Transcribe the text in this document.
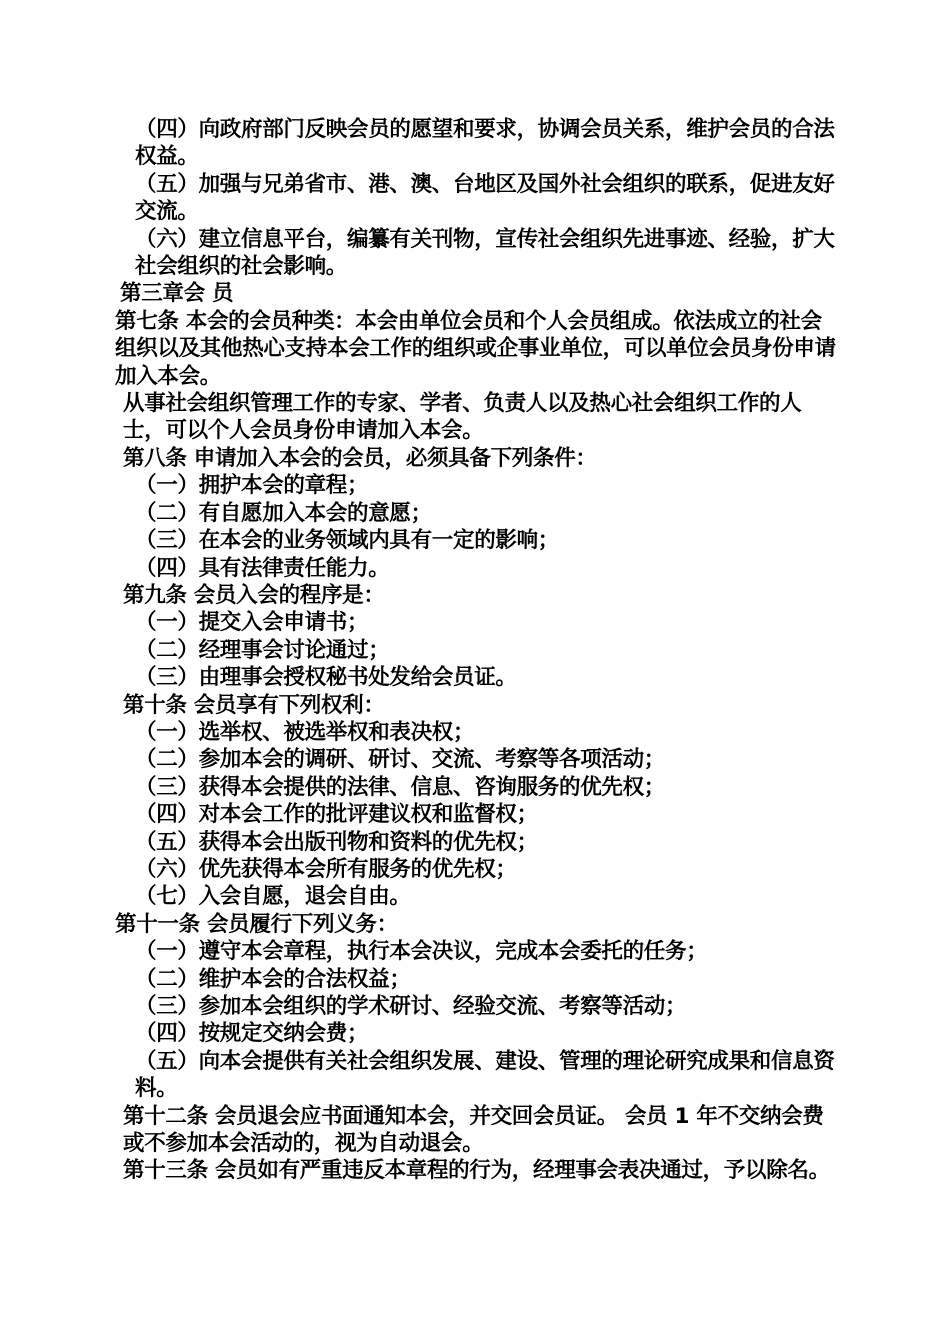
（四）向政府部门反映会员的愿望和要求，协调会员关系，维护会员的合法权益。

（五）加强与兄弟省市、港、澳、台地区及国外社会组织的联系，促进友好交流。

（六）建立信息平台，编纂有关刊物，宣传社会组织先进事迹、经验，扩大社会组织的社会影响。

第三章会 员

第七条 本会的会员种类：本会由单位会员和个人会员组成。依法成立的社会组织以及其他热心支持本会工作的组织或企事业单位，可以单位会员身份申请加入本会。

从事社会组织管理工作的专家、学者、负责人以及热心社会组织工作的人士，可以个人会员身份申请加入本会。

第八条 申请加入本会的会员，必须具备下列条件：

（一）拥护本会的章程；

（二）有自愿加入本会的意愿；

（三）在本会的业务领域内具有一定的影响；

（四）具有法律责任能力。

第九条 会员入会的程序是：

（一）提交入会申请书；

（二）经理事会讨论通过；

（三）由理事会授权秘书处发给会员证。

第十条 会员享有下列权利：

（一）选举权、被选举权和表决权；

（二）参加本会的调研、研讨、交流、考察等各项活动；

（三）获得本会提供的法律、信息、咨询服务的优先权；

（四）对本会工作的批评建议权和监督权；

（五）获得本会出版刊物和资料的优先权；

（六）优先获得本会所有服务的优先权；

（七）入会自愿，退会自由。

第十一条 会员履行下列义务：

（一）遵守本会章程，执行本会决议，完成本会委托的任务；

（二）维护本会的合法权益；

（三）参加本会组织的学术研讨、经验交流、考察等活动；

（四）按规定交纳会费；

（五）向本会提供有关社会组织发展、建设、管理的理论研究成果和信息资料。

第十二条 会员退会应书面通知本会，并交回会员证。 会员 1 年不交纳会费或不参加本会活动的，视为自动退会。

第十三条 会员如有严重违反本章程的行为，经理事会表决通过，予以除名。
